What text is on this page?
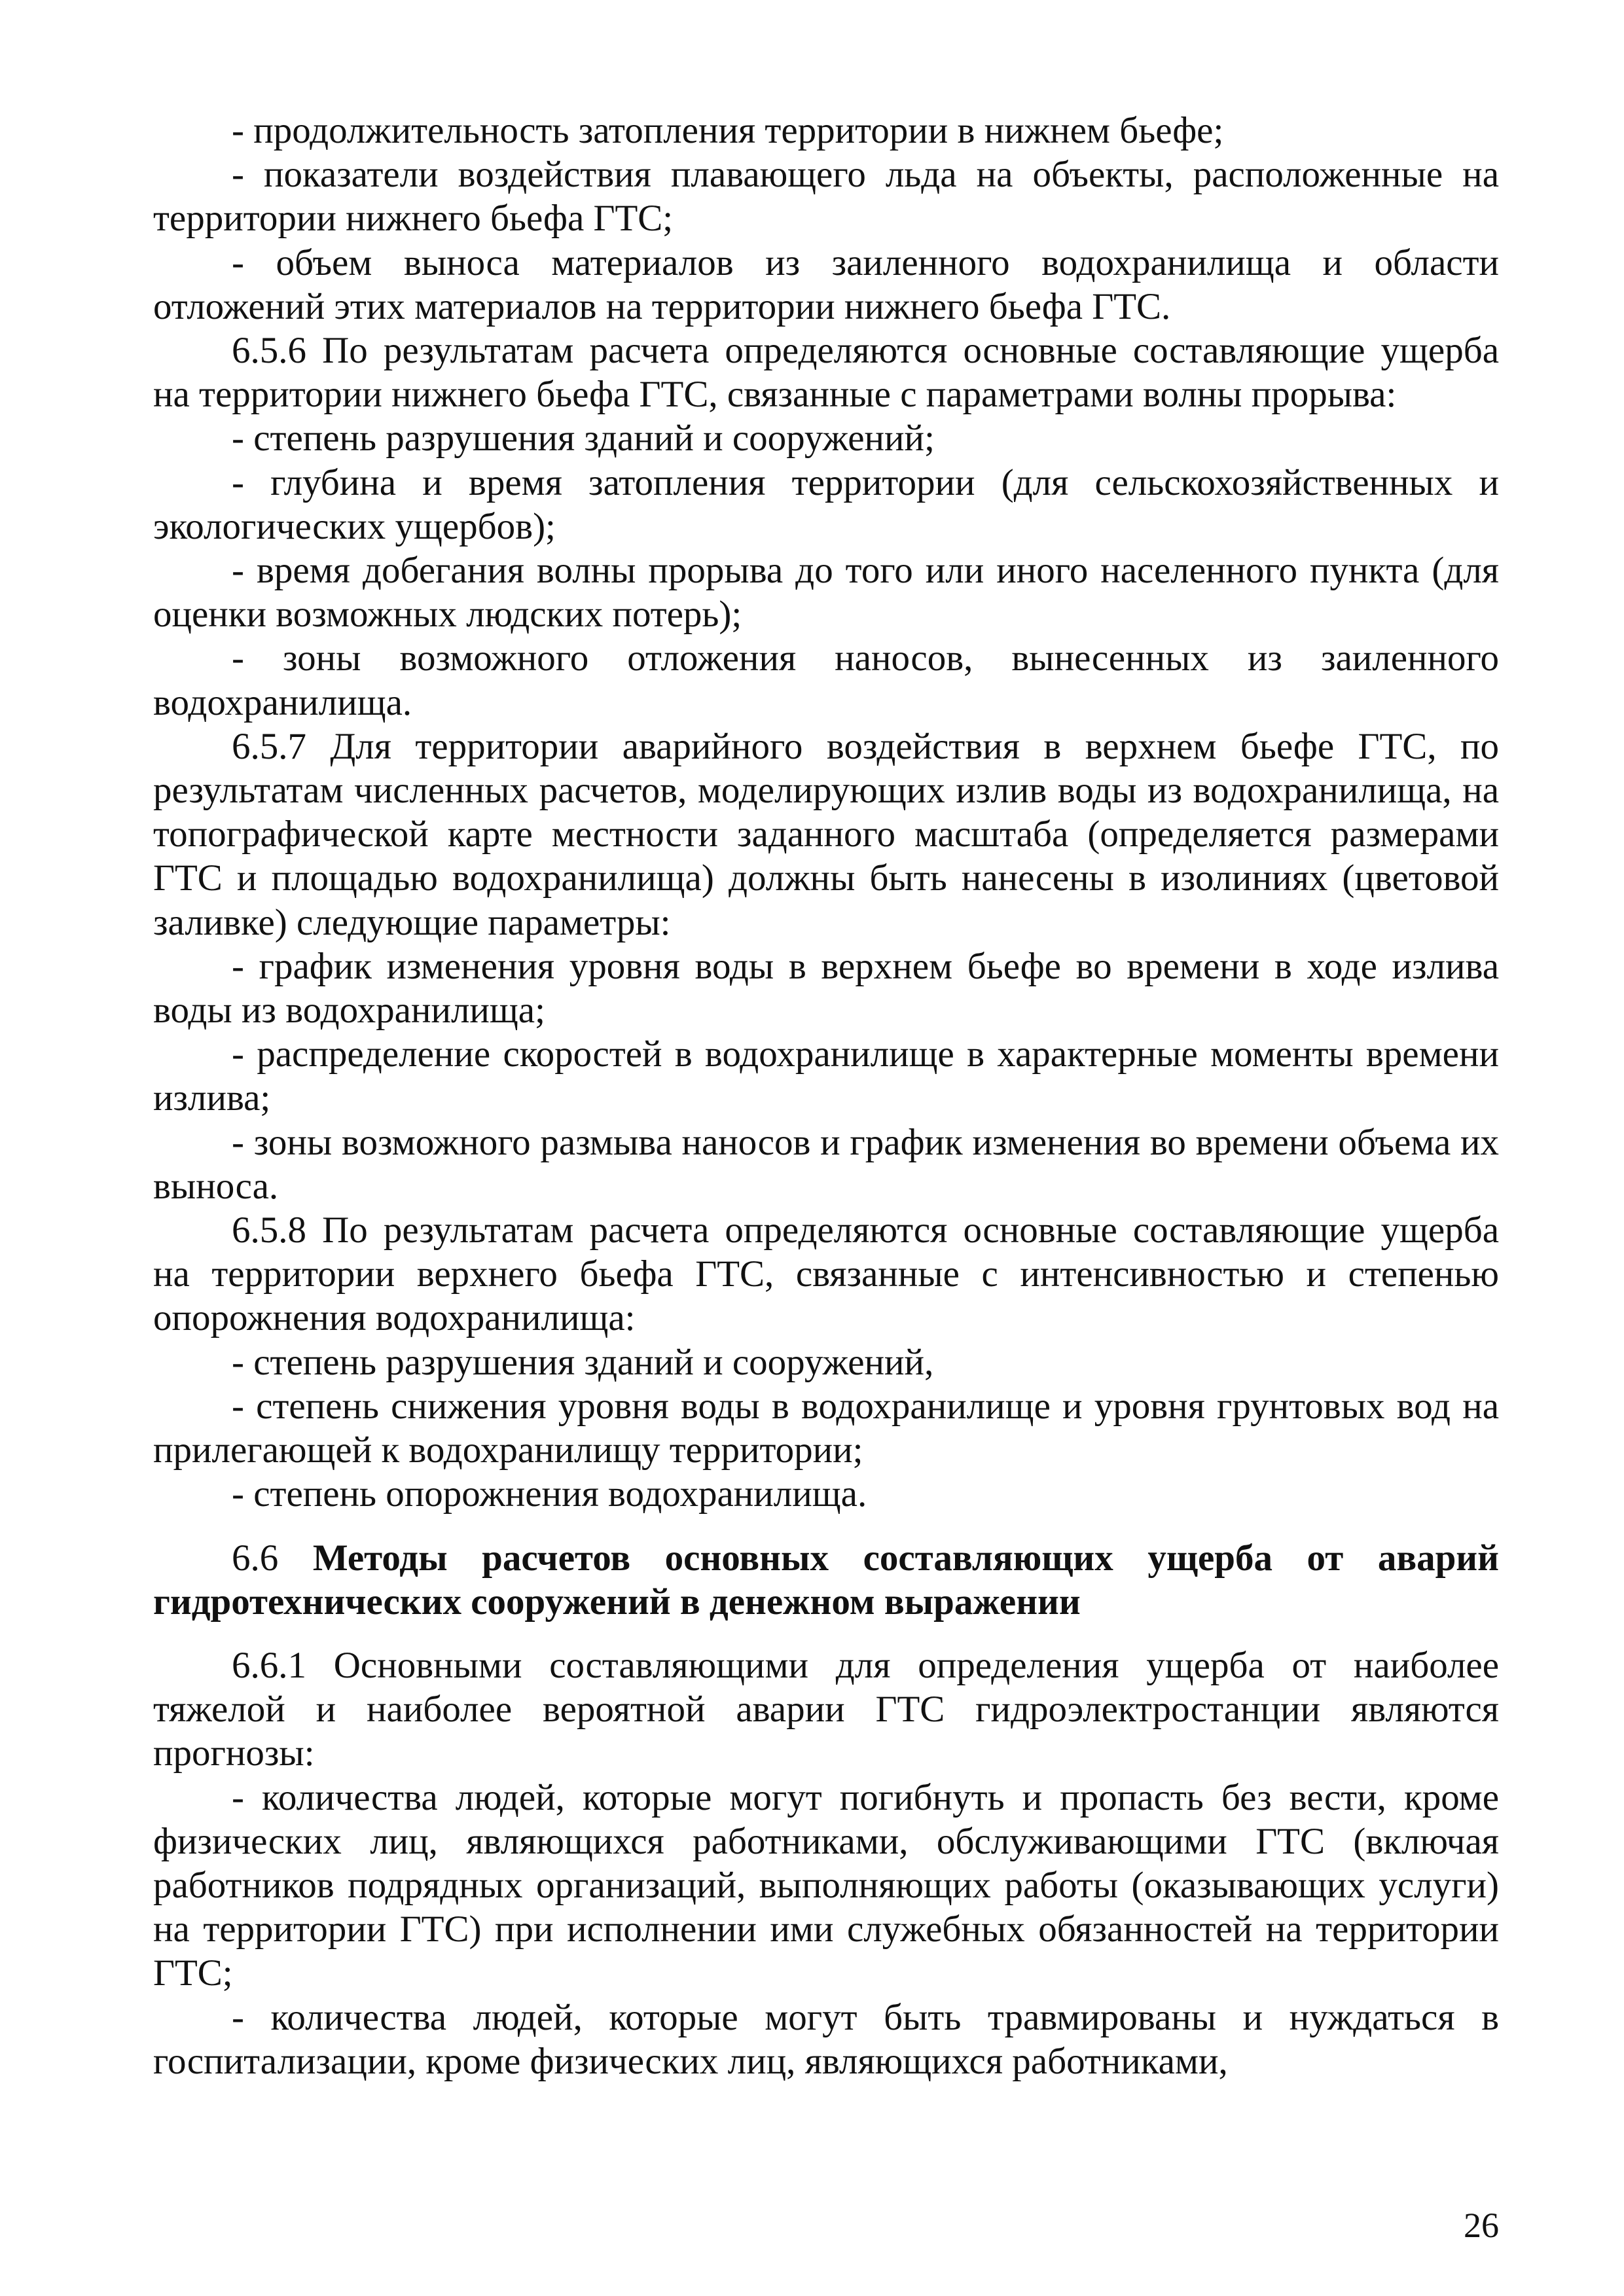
- продолжительность затопления территории в нижнем бьефе;

- показатели воздействия плавающего льда на объекты, расположенные на территории нижнего бьефа ГТС;

- объем выноса материалов из заиленного водохранилища и области отложений этих материалов на территории нижнего бьефа ГТС.

6.5.6 По результатам расчета определяются основные составляющие ущерба на территории нижнего бьефа ГТС, связанные с параметрами волны прорыва:

- степень разрушения зданий и сооружений;

- глубина и время затопления территории (для сельскохозяйственных и экологических ущербов);

- время добегания волны прорыва до того или иного населенного пункта (для оценки возможных людских потерь);

- зоны возможного отложения наносов, вынесенных из заиленного водохранилища.

6.5.7 Для территории аварийного воздействия в верхнем бьефе ГТС, по результатам численных расчетов, моделирующих излив воды из водохранилища, на топографической карте местности заданного масштаба (определяется размерами ГТС и площадью водохранилища) должны быть нанесены в изолиниях (цветовой заливке) следующие параметры:

- график изменения уровня воды в верхнем бьефе во времени в ходе излива воды из водохранилища;

- распределение скоростей в водохранилище в характерные моменты времени излива;

- зоны возможного размыва наносов и график изменения во времени объема их выноса.

6.5.8 По результатам расчета определяются основные составляющие ущерба на территории верхнего бьефа ГТС, связанные с интенсивностью и степенью опорожнения водохранилища:

- степень разрушения зданий и сооружений,

- степень снижения уровня воды в водохранилище и уровня грунтовых вод на прилегающей к водохранилищу территории;

- степень опорожнения водохранилища.

6.6 Методы расчетов основных составляющих ущерба от аварий гидротехнических сооружений в денежном выражении

6.6.1 Основными составляющими для определения ущерба от наиболее тяжелой и наиболее вероятной аварии ГТС гидроэлектростанции являются прогнозы:

- количества людей, которые могут погибнуть и пропасть без вести, кроме физических лиц, являющихся работниками, обслуживающими ГТС (включая работников подрядных организаций, выполняющих работы (оказывающих услуги) на территории ГТС) при исполнении ими служебных обязанностей на территории ГТС;

- количества людей, которые могут быть травмированы и нуждаться в госпитализации, кроме физических лиц, являющихся работниками,

26
